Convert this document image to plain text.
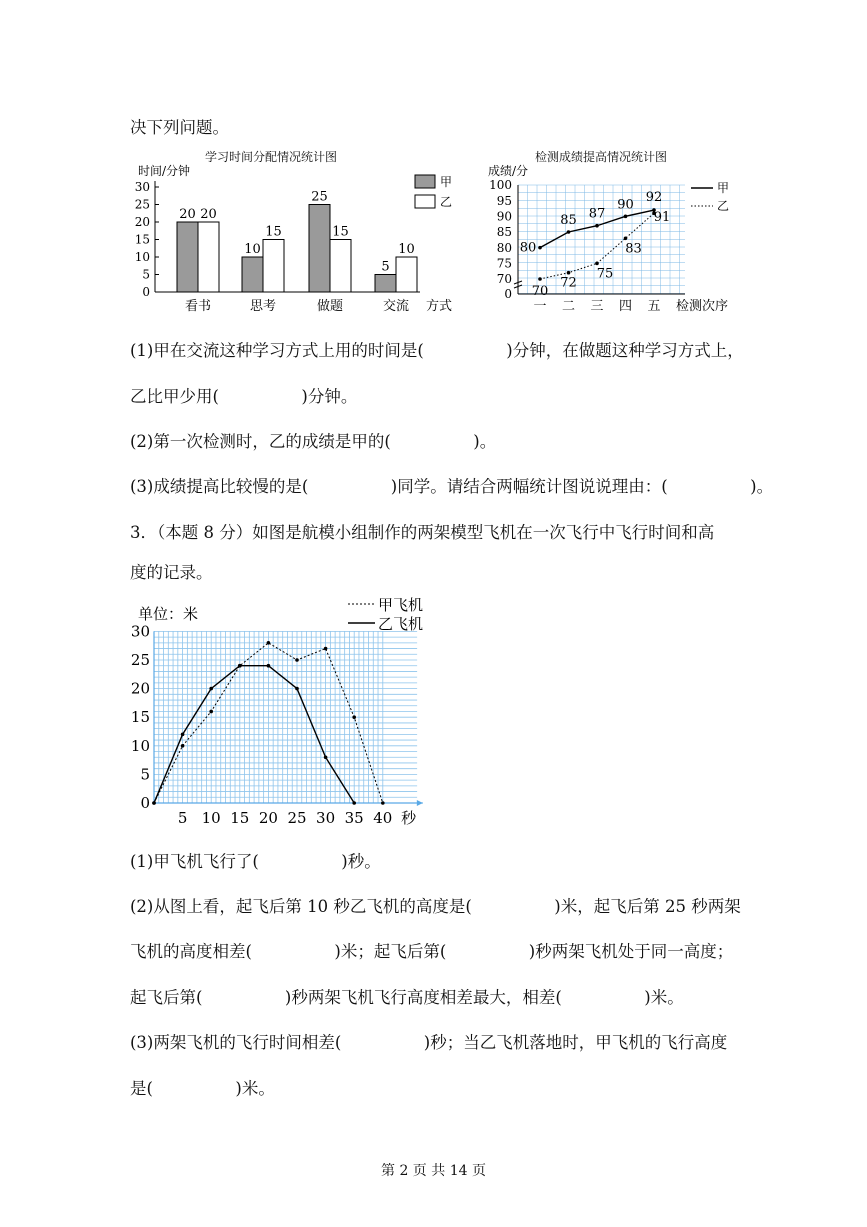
决下列问题。
学习时间分配情况统计图
时间/分钟
0
5
10
15
20
25
30
20 20
看书
10
15
思考
25
15
做题
5
10
交流 方式
甲
乙
检测成绩提高情况统计图
成绩/分
0
70
75
80
85
90
95
100
一 二 三 四 五 检测次序
80
85 87
90 92
70
72
75
83
91
甲
乙
(1)甲在交流这种学习方式上用的时间是(　　　　　)分钟，在做题这种学习方式上，
乙比甲少用(　　　　　)分钟。
(2)第一次检测时，乙的成绩是甲的(　　　　　)。
(3)成绩提高比较慢的是(　　　　　)同学。请结合两幅统计图说说理由：(　　　　　)。
3．（本题 8 分）如图是航模小组制作的两架模型飞机在一次飞行中飞行时间和高
度的记录。
单位：米
0
5
10
15
20
25
30
5 10 15 20 25 30 35 40 秒
甲飞机
乙飞机
(1)甲飞机飞行了(　　　　　)秒。
(2)从图上看，起飞后第 10 秒乙飞机的高度是(　　　　　)米，起飞后第 25 秒两架
飞机的高度相差(　　　　　)米；起飞后第(　　　　　)秒两架飞机处于同一高度；
起飞后第(　　　　　)秒两架飞机飞行高度相差最大，相差(　　　　　)米。
(3)两架飞机的飞行时间相差(　　　　　)秒；当乙飞机落地时，甲飞机的飞行高度
是(　　　　　)米。
第 2 页 共 14 页
